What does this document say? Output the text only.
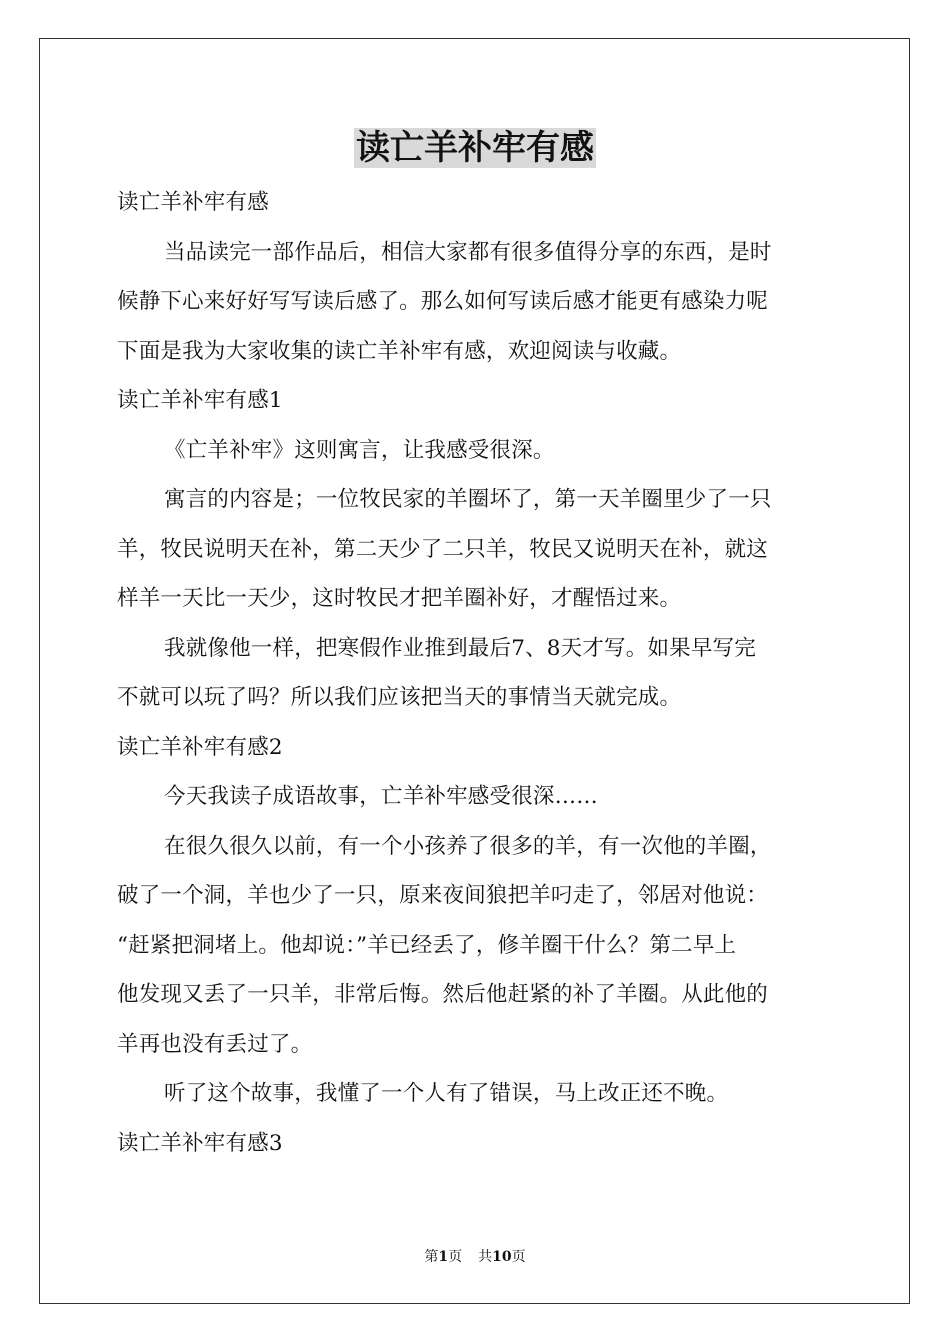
读亡羊补牢有感

读亡羊补牢有感

当品读完一部作品后，相信大家都有很多值得分享的东西，是时

候静下心来好好写写读后感了。那么如何写读后感才能更有感染力呢

下面是我为大家收集的读亡羊补牢有感，欢迎阅读与收藏。

读亡羊补牢有感1

《亡羊补牢》这则寓言，让我感受很深。

寓言的内容是；一位牧民家的羊圈坏了，第一天羊圈里少了一只

羊，牧民说明天在补，第二天少了二只羊，牧民又说明天在补，就这

样羊一天比一天少，这时牧民才把羊圈补好，才醒悟过来。

我就像他一样，把寒假作业推到最后7、8天才写。如果早写完

不就可以玩了吗？所以我们应该把当天的事情当天就完成。

读亡羊补牢有感2

今天我读子成语故事，亡羊补牢感受很深……

在很久很久以前，有一个小孩养了很多的羊，有一次他的羊圈，

破了一个洞，羊也少了一只，原来夜间狼把羊叼走了，邻居对他说：

“赶紧把洞堵上。他却说：”羊已经丢了，修羊圈干什么？第二早上

他发现又丢了一只羊，非常后悔。然后他赶紧的补了羊圈。从此他的

羊再也没有丢过了。

听了这个故事，我懂了一个人有了错误，马上改正还不晚。

读亡羊补牢有感3

第1页 共10页
